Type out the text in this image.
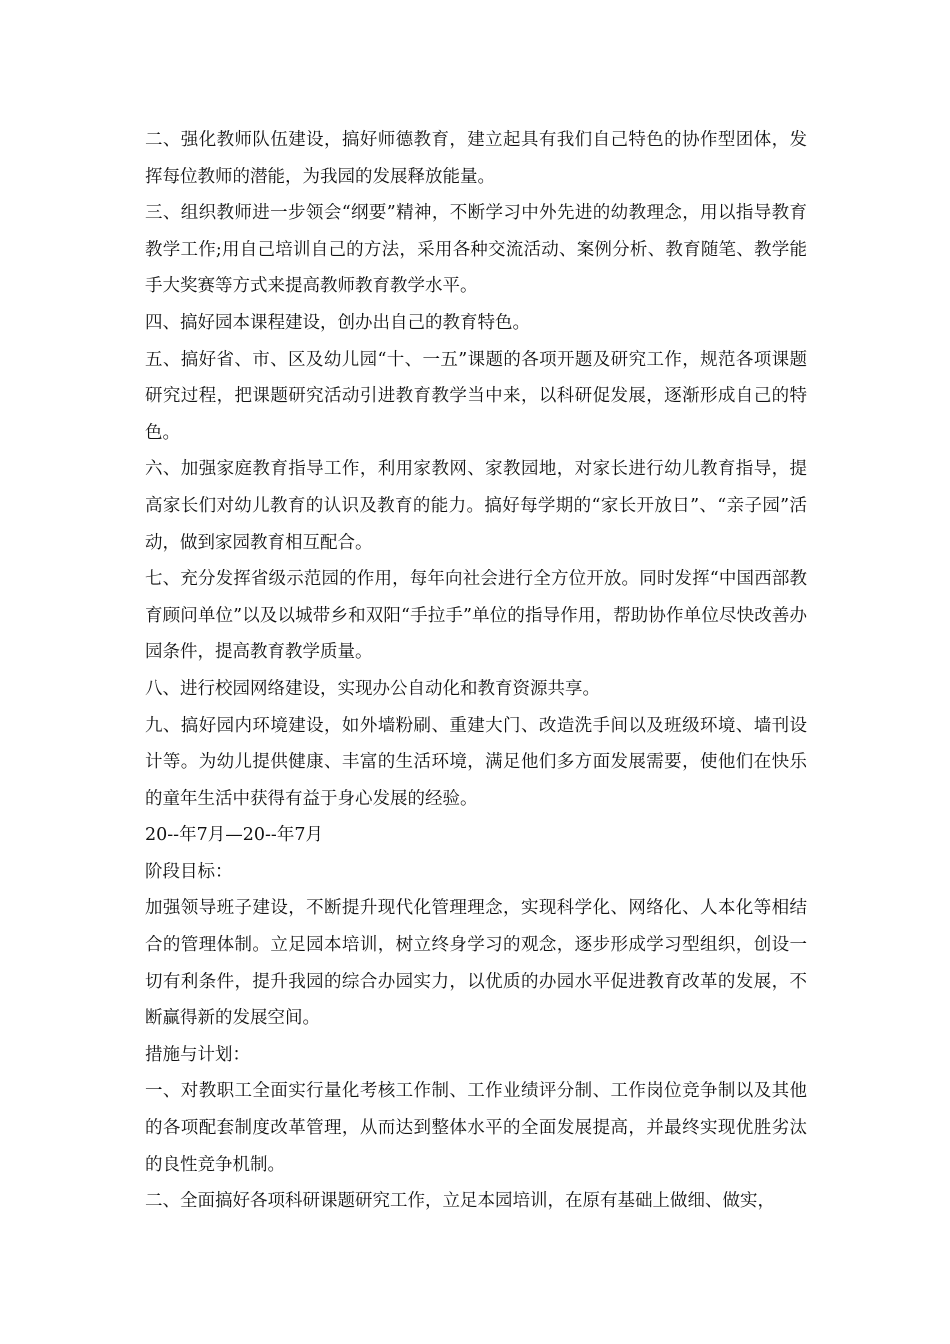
二、强化教师队伍建设，搞好师德教育，建立起具有我们自己特色的协作型团体，发挥每位教师的潜能，为我园的发展释放能量。

三、组织教师进一步领会“纲要”精神，不断学习中外先进的幼教理念，用以指导教育教学工作;用自己培训自己的方法，采用各种交流活动、案例分析、教育随笔、教学能手大奖赛等方式来提高教师教育教学水平。

四、搞好园本课程建设，创办出自己的教育特色。

五、搞好省、市、区及幼儿园“十、一五”课题的各项开题及研究工作，规范各项课题研究过程，把课题研究活动引进教育教学当中来，以科研促发展，逐渐形成自己的特色。

六、加强家庭教育指导工作，利用家教网、家教园地，对家长进行幼儿教育指导，提高家长们对幼儿教育的认识及教育的能力。搞好每学期的“家长开放日”、“亲子园”活动，做到家园教育相互配合。

七、充分发挥省级示范园的作用，每年向社会进行全方位开放。同时发挥“中国西部教育顾问单位”以及以城带乡和双阳“手拉手”单位的指导作用，帮助协作单位尽快改善办园条件，提高教育教学质量。

八、进行校园网络建设，实现办公自动化和教育资源共享。

九、搞好园内环境建设，如外墙粉刷、重建大门、改造洗手间以及班级环境、墙刊设计等。为幼儿提供健康、丰富的生活环境，满足他们多方面发展需要，使他们在快乐的童年生活中获得有益于身心发展的经验。

20--年7月—20--年7月

阶段目标：

加强领导班子建设，不断提升现代化管理理念，实现科学化、网络化、人本化等相结合的管理体制。立足园本培训，树立终身学习的观念，逐步形成学习型组织，创设一切有利条件，提升我园的综合办园实力，以优质的办园水平促进教育改革的发展，不断赢得新的发展空间。

措施与计划：

一、对教职工全面实行量化考核工作制、工作业绩评分制、工作岗位竞争制以及其他的各项配套制度改革管理，从而达到整体水平的全面发展提高，并最终实现优胜劣汰的良性竞争机制。

二、全面搞好各项科研课题研究工作，立足本园培训，在原有基础上做细、做实，
